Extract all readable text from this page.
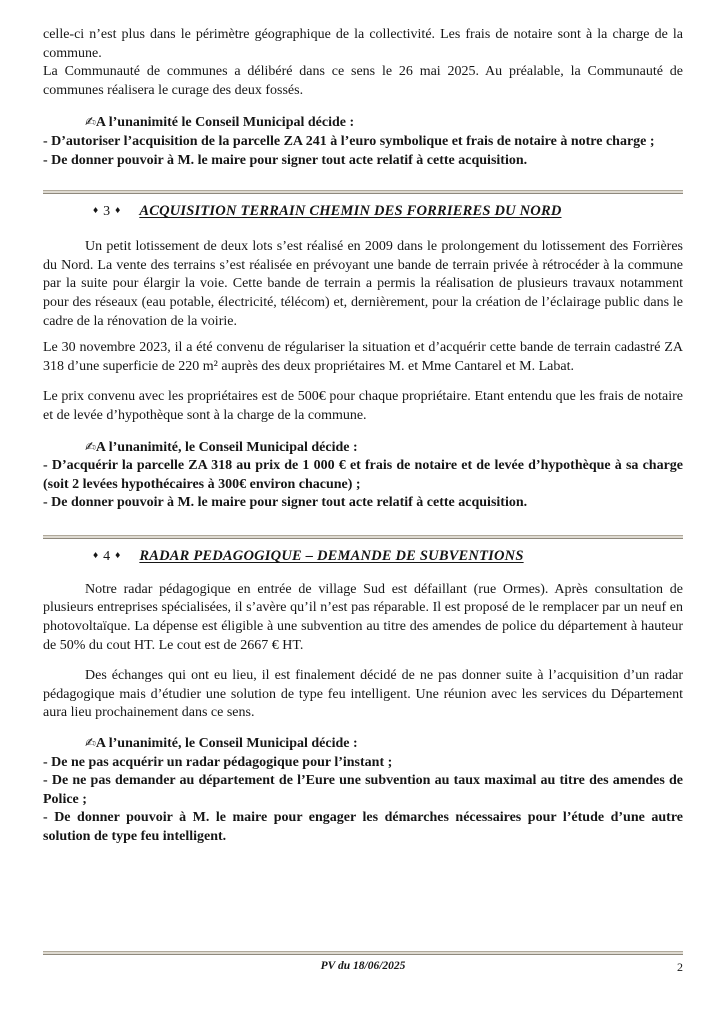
celle-ci n’est plus dans le périmètre géographique de la collectivité. Les frais de notaire sont à la charge de la commune.

La Communauté de communes a délibéré dans ce sens le 26 mai 2025. Au préalable, la Communauté de communes réalisera le curage des deux fossés.

✍A l’unanimité le Conseil Municipal décide :

- D’autoriser l’acquisition de la parcelle ZA 241 à l’euro symbolique et frais de notaire à notre charge ;

- De donner pouvoir à M. le maire pour signer tout acte relatif à cette acquisition.

♦ 3 ♦ ACQUISITION TERRAIN CHEMIN DES FORRIERES DU NORD

Un petit lotissement de deux lots s’est réalisé en 2009 dans le prolongement du lotissement des Forrières du Nord. La vente des terrains s’est réalisée en prévoyant une bande de terrain privée à rétrocéder à la commune par la suite pour élargir la voie. Cette bande de terrain a permis la réalisation de plusieurs travaux notamment pour des réseaux (eau potable, électricité, télécom) et, dernièrement, pour la création de l’éclairage public dans le cadre de la rénovation de la voirie.

Le 30 novembre 2023, il a été convenu de régulariser la situation et d’acquérir cette bande de terrain cadastré ZA 318 d’une superficie de 220 m² auprès des deux propriétaires M. et Mme Cantarel et M. Labat.

Le prix convenu avec les propriétaires est de 500€ pour chaque propriétaire. Etant entendu que les frais de notaire et de levée d’hypothèque sont à la charge de la commune.

✍A l’unanimité, le Conseil Municipal décide :

- D’acquérir la parcelle ZA 318 au prix de 1 000 € et frais de notaire et de levée d’hypothèque à sa charge (soit 2 levées hypothécaires à 300€ environ chacune) ;

- De donner pouvoir à M. le maire pour signer tout acte relatif à cette acquisition.

♦ 4 ♦ RADAR PEDAGOGIQUE – DEMANDE DE SUBVENTIONS

Notre radar pédagogique en entrée de village Sud est défaillant (rue Ormes). Après consultation de plusieurs entreprises spécialisées, il s’avère qu’il n’est pas réparable. Il est proposé de le remplacer par un neuf en photovoltaïque. La dépense est éligible à une subvention au titre des amendes de police du département à hauteur de 50% du cout HT. Le cout est de 2667 € HT.

Des échanges qui ont eu lieu, il est finalement décidé de ne pas donner suite à l’acquisition d’un radar pédagogique mais d’étudier une solution de type feu intelligent. Une réunion avec les services du Département aura lieu prochainement dans ce sens.

✍A l’unanimité, le Conseil Municipal décide :

- De ne pas acquérir un radar pédagogique pour l’instant ;

- De ne pas demander au département de l’Eure une subvention au taux maximal au titre des amendes de Police ;

- De donner pouvoir à M. le maire pour engager les démarches nécessaires pour l’étude d’une autre solution de type feu intelligent.

PV du 18/06/2025	2
